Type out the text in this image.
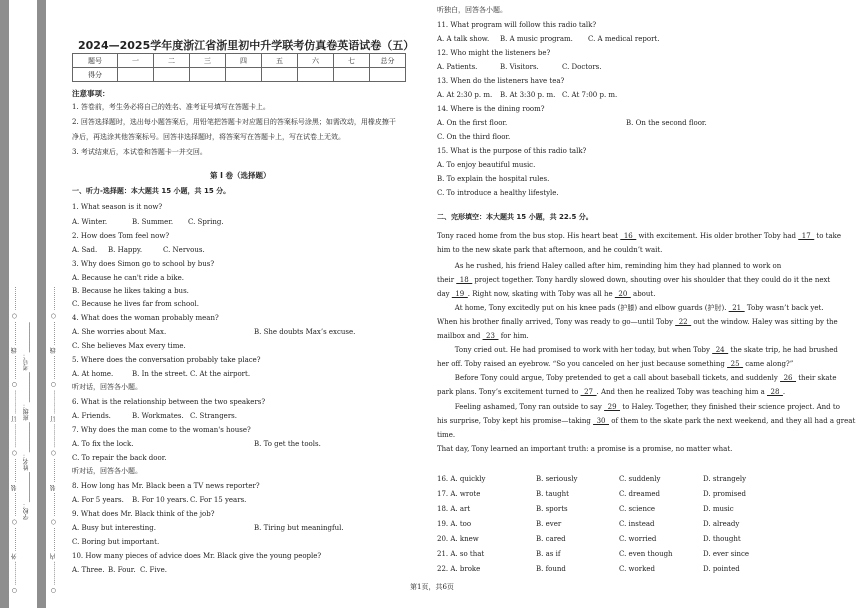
○ ………… 外 ………… ○ ………… 装 ………… ○ ………… 订 ………… ○ ………… 线 ………… ○ ………… 学校：__________ 姓名：__________ 班级：__________ 考号：__________	○ ………… 内 ………… ○ ………… 装 ………… ○ ………… 订 ………… ○ ………… 线 ………… ○ …………
2024—2025学年度浙江省浙里初中升学联考仿真卷英语试卷（五）
题号	一	二	三	四	五	六	七	总分
得分								
注意事项：
1. 答卷前，考生务必将自己的姓名、准考证号填写在答题卡上。
2. 回答选择题时，选出每小题答案后，用铅笔把答题卡对应题目的答案标号涂黑；如需改动，用橡皮擦干
净后，再选涂其他答案标号。回答非选择题时，将答案写在答题卡上，写在试卷上无效。
3. 考试结束后，本试卷和答题卡一并交回。
第 I 卷（选择题）
一、听力-选择题：本大题共 15 小题，共 15 分。
1. What season is it now?
A. Winter.	B. Summer. C. Spring.
2. How does Tom feel now?
A. Sad. B. Happy.	C. Nervous.
3. Why does Simon go to school by bus?
A. Because he can't ride a bike.
B. Because he likes taking a bus.
C. Because he lives far from school.
4. What does the woman probably mean?
A. She worries about Max.	B. She doubts Max’s excuse.
C. She believes Max every time.
5. Where does the conversation probably take place?
A. At home.	B. In the street. C. At the airport.
听对话，回答各小题。
6. What is the relationship between the two speakers?
A. Friends.	B. Workmates. C. Strangers.
7. Why does the man come to the woman's house?
A. To fix the lock.	B. To get the tools.
C. To repair the back door.
听对话，回答各小题。
8. How long has Mr. Black been a TV news reporter?
A. For 5 years. B. For 10 years. C. For 15 years.
9. What does Mr. Black think of the job?
A. Busy but interesting.	B. Tiring but meaningful.
C. Boring but important.
10. How many pieces of advice does Mr. Black give the young people?
A. Three. B. Four. C. Five.
听独白，回答各小题。
11. What program will follow this radio talk?
A. A talk show. B. A music program. C. A medical report.
12. Who might the listeners be?
A. Patients.	B. Visitors.	C. Doctors.
13. When do the listeners have tea?
A. At 2:30 p. m. B. At 3:30 p. m. C. At 7:00 p. m.
14. Where is the dining room?
A. On the first floor.	B. On the second floor.
C. On the third floor.
15. What is the purpose of this radio talk?
A. To enjoy beautiful music.
B. To explain the hospital rules.
C. To introduce a healthy lifestyle.
二、完形填空：本大题共 15 小题，共 22.5 分。
Tony raced home from the bus stop. His heart beat _16_ with excitement. His older brother Toby had _17_ to take
him to the new skate park that afternoon, and he couldn’t wait.
As he rushed, his friend Haley called after him, reminding him they had planned to work on
their _18_ project together. Tony hardly slowed down, shouting over his shoulder that they could do it the next
day _19_. Right now, skating with Toby was all he _20_ about.
At home, Tony excitedly put on his knee pads (护膝) and elbow guards (护肘). _21_ Toby wasn’t back yet.
When his brother finally arrived, Tony was ready to go—until Toby _22_ out the window. Haley was sitting by the
mailbox and _23_ for him.
Tony cried out. He had promised to work with her today, but when Toby _24_ the skate trip, he had brushed
her off. Toby raised an eyebrow. “So you canceled on her just because something _25_ came along?”
Before Tony could argue, Toby pretended to get a call about baseball tickets, and suddenly _26_ their skate
park plans. Tony’s excitement turned to _27_. And then he realized Toby was teaching him a _28_.
Feeling ashamed, Tony ran outside to say _29_ to Haley. Together, they finished their science project. And to
his surprise, Toby kept his promise—taking _30_ of them to the skate park the next weekend, and they all had a great
time.
That day, Tony learned an important truth: a promise is a promise, no matter what.
16. A. quickly	B. seriously	C. suddenly	D. strangely
17. A. wrote	B. taught	C. dreamed	D. promised
18. A. art	B. sports	C. science	D. music
19. A. too	B. ever	C. instead	D. already
20. A. knew	B. cared	C. worried	D. thought
21. A. so that	B. as if	C. even though	D. ever since
22. A. broke	B. found	C. worked	D. pointed
第1页，共6页
